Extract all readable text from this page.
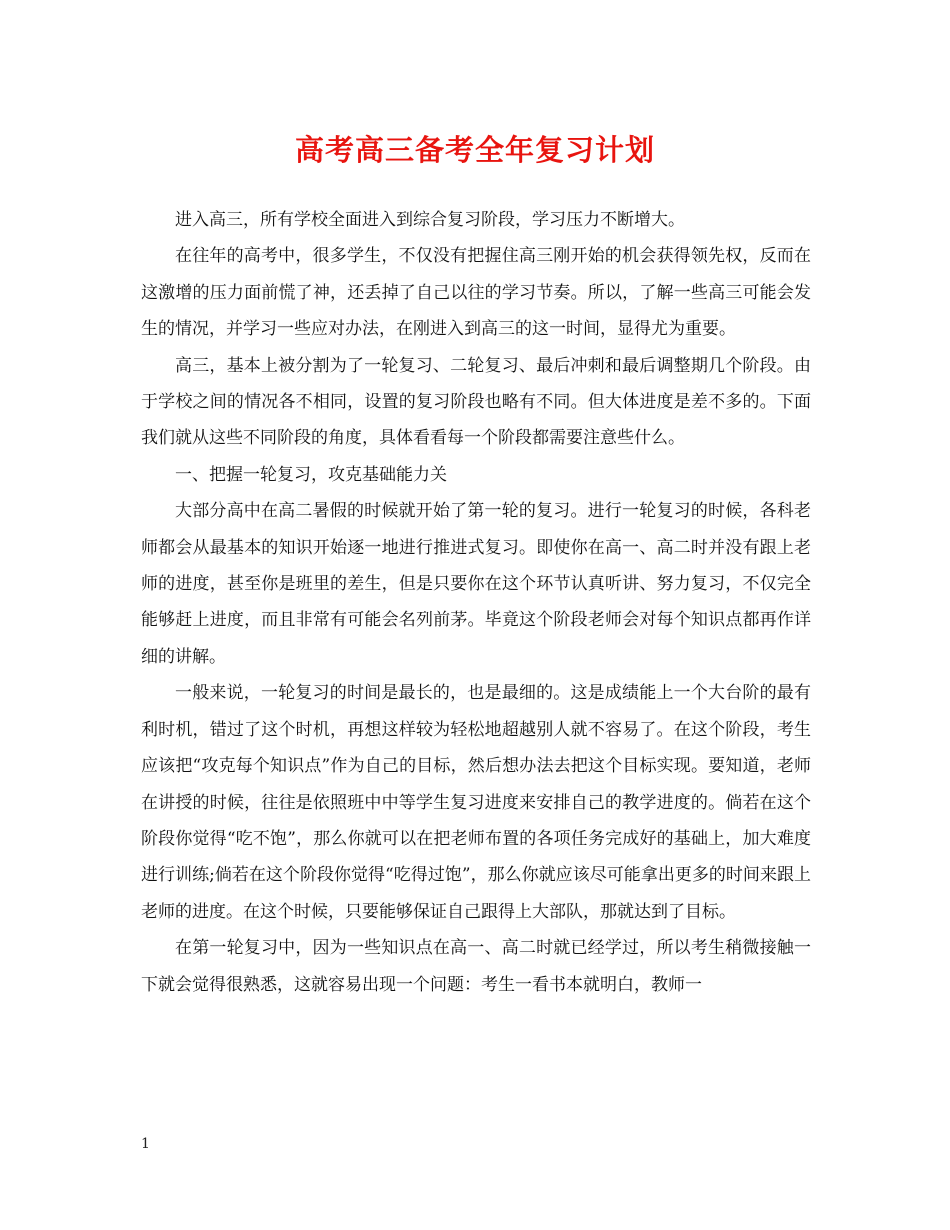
高考高三备考全年复习计划

进入高三，所有学校全面进入到综合复习阶段，学习压力不断增大。

在往年的高考中，很多学生，不仅没有把握住高三刚开始的机会获得领先权，反而在这激增的压力面前慌了神，还丢掉了自己以往的学习节奏。所以，了解一些高三可能会发生的情况，并学习一些应对办法，在刚进入到高三的这一时间，显得尤为重要。

高三，基本上被分割为了一轮复习、二轮复习、最后冲刺和最后调整期几个阶段。由于学校之间的情况各不相同，设置的复习阶段也略有不同。但大体进度是差不多的。下面我们就从这些不同阶段的角度，具体看看每一个阶段都需要注意些什么。

一、把握一轮复习，攻克基础能力关

大部分高中在高二暑假的时候就开始了第一轮的复习。进行一轮复习的时候，各科老师都会从最基本的知识开始逐一地进行推进式复习。即使你在高一、高二时并没有跟上老师的进度，甚至你是班里的差生，但是只要你在这个环节认真听讲、努力复习，不仅完全能够赶上进度，而且非常有可能会名列前茅。毕竟这个阶段老师会对每个知识点都再作详细的讲解。

一般来说，一轮复习的时间是最长的，也是最细的。这是成绩能上一个大台阶的最有利时机，错过了这个时机，再想这样较为轻松地超越别人就不容易了。在这个阶段，考生应该把“攻克每个知识点”作为自己的目标，然后想办法去把这个目标实现。要知道，老师在讲授的时候，往往是依照班中中等学生复习进度来安排自己的教学进度的。倘若在这个阶段你觉得“吃不饱”，那么你就可以在把老师布置的各项任务完成好的基础上，加大难度进行训练;倘若在这个阶段你觉得“吃得过饱”，那么你就应该尽可能拿出更多的时间来跟上老师的进度。在这个时候，只要能够保证自己跟得上大部队，那就达到了目标。

在第一轮复习中，因为一些知识点在高一、高二时就已经学过，所以考生稍微接触一下就会觉得很熟悉，这就容易出现一个问题：考生一看书本就明白，教师一

1
